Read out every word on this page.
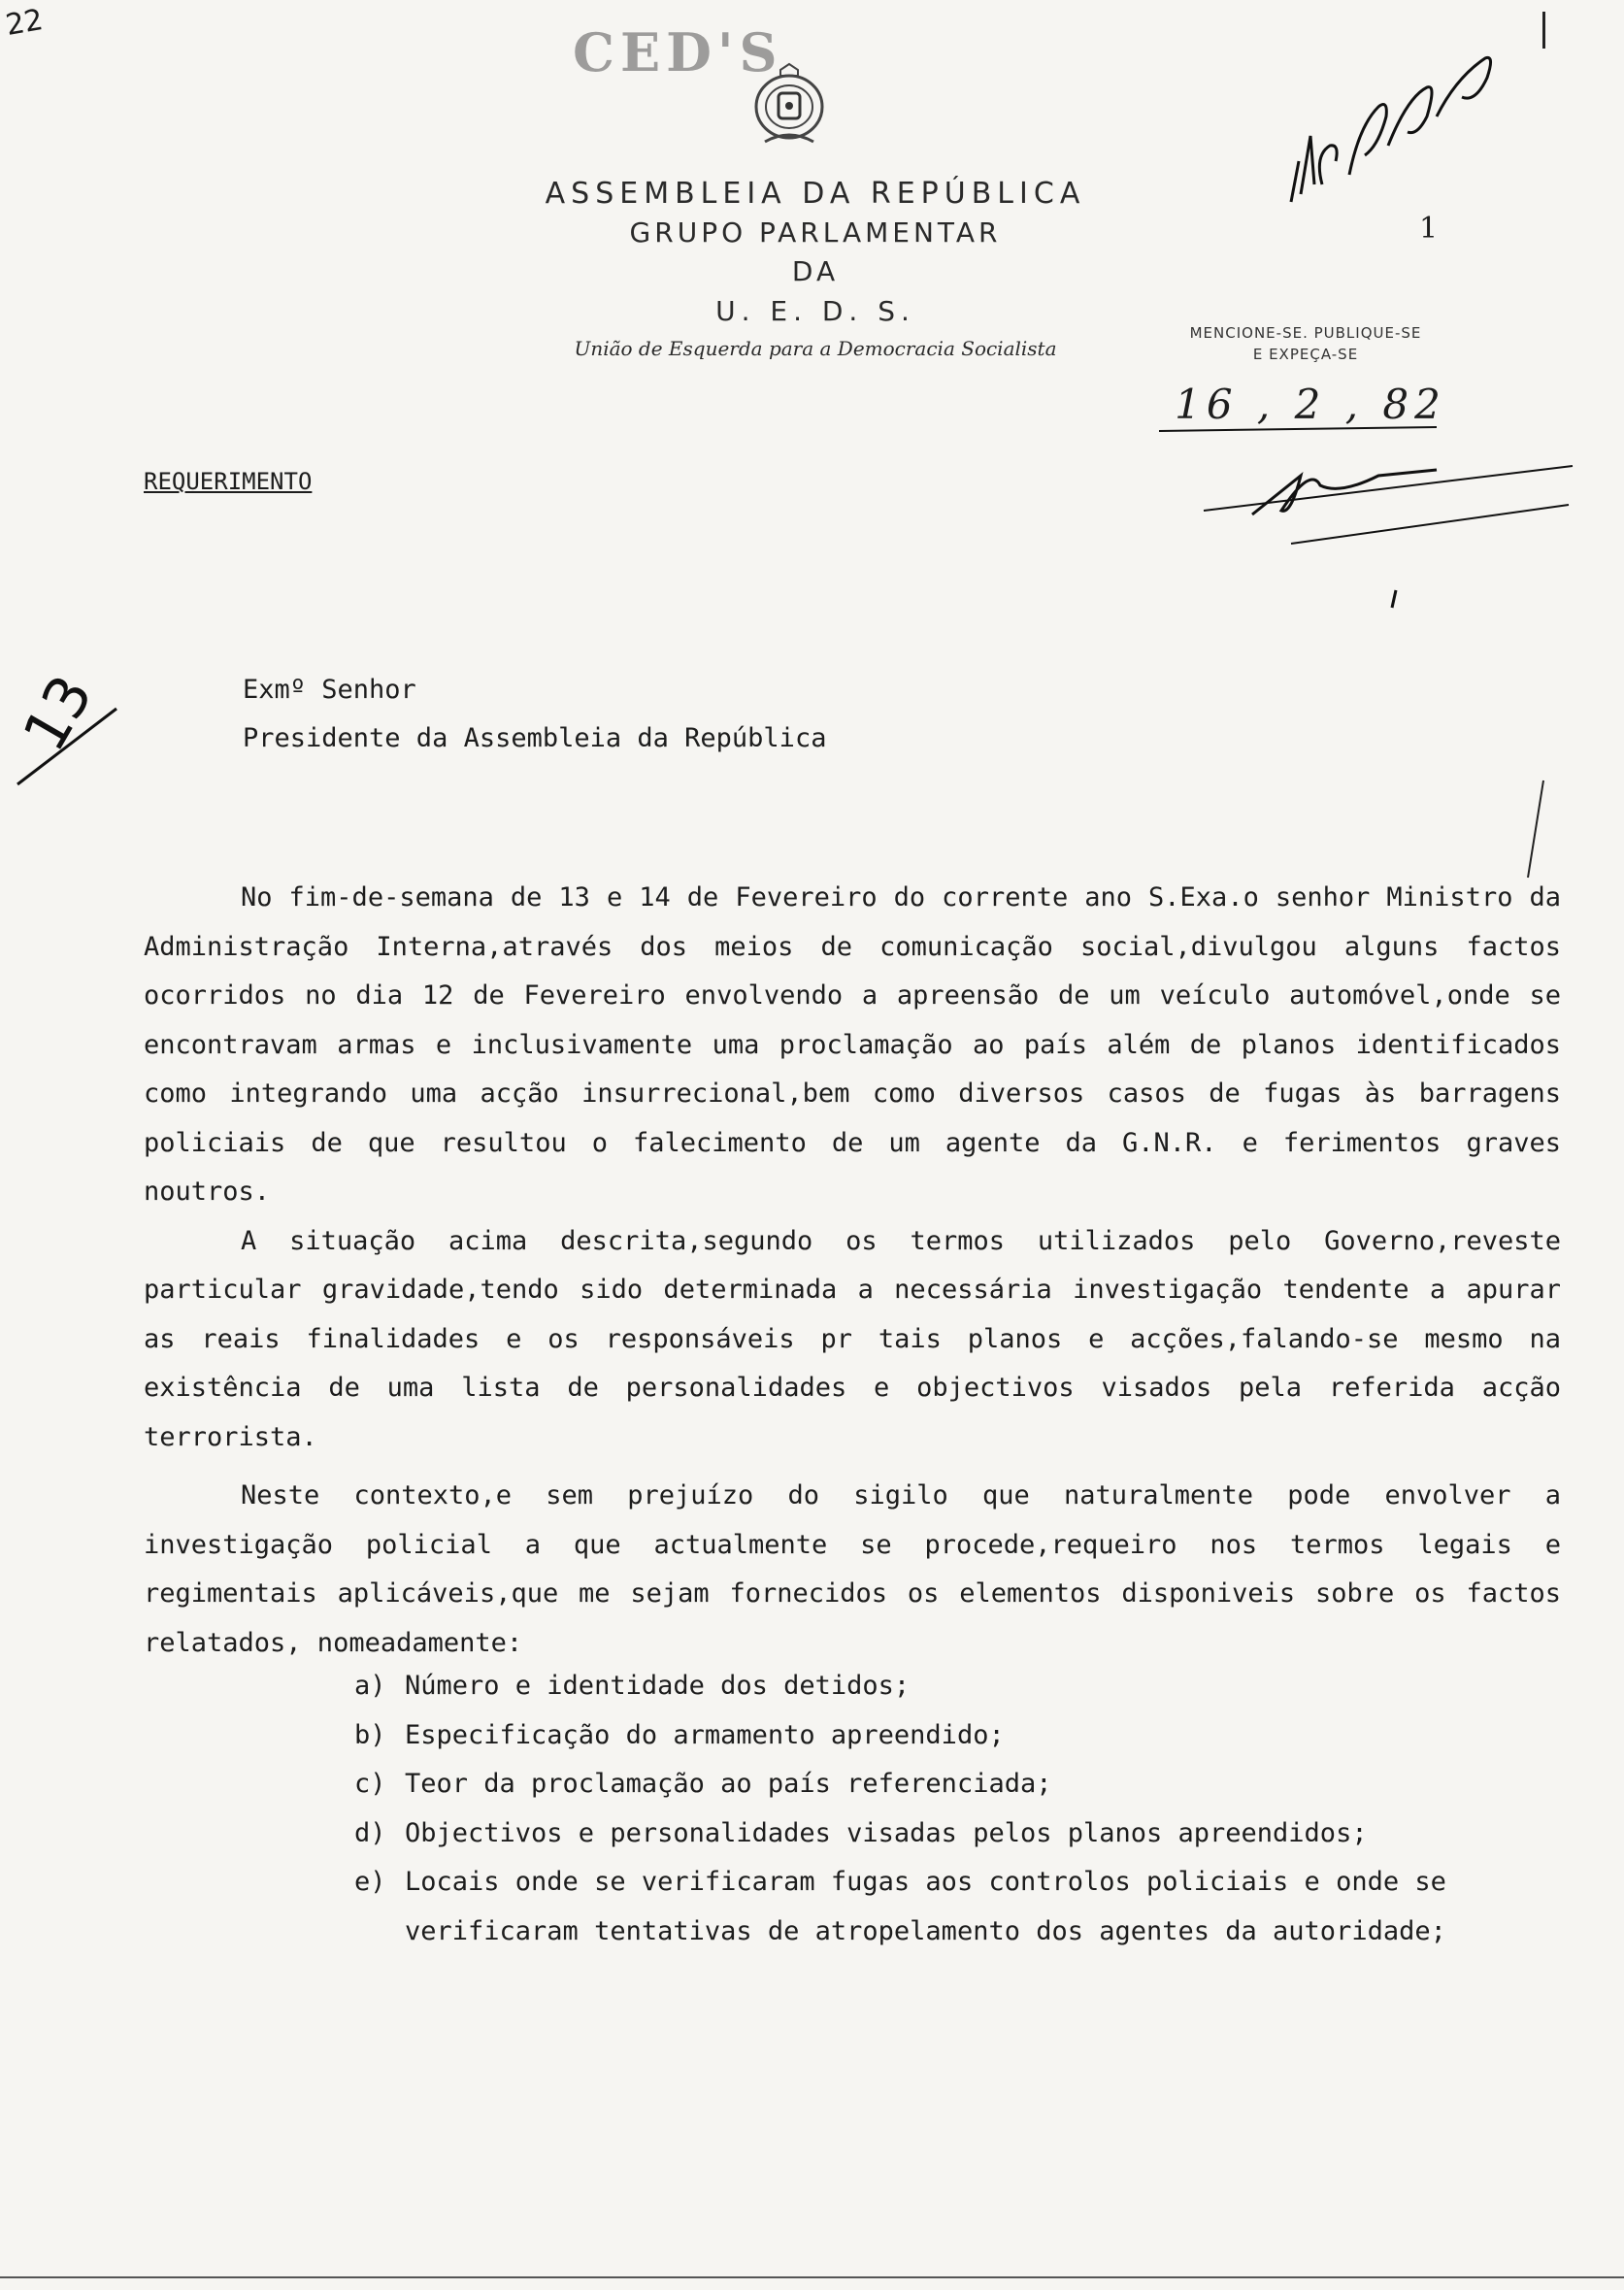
22	CED'S
ASSEMBLEIA DA REPÚBLICA
GRUPO PARLAMENTAR
DA
U. E. D. S.
União de Esquerda para a Democracia Socialista
1
MENCIONE-SE. PUBLIQUE-SE
E EXPEÇA-SE
16 , 2 , 82
13
REQUERIMENTO
Exmº Senhor
Presidente da Assembleia da República

No fim-de-semana de 13 e 14 de Fevereiro do corrente ano S.Exa.o senhor Ministro da Administração Interna,através dos meios de comunicação social,divulgou alguns factos ocorridos no dia 12 de Fevereiro envolvendo a apreensão de um veículo automóvel,onde se encontravam armas e inclusivamente uma proclamação ao país além de planos identificados como integrando uma acção insurrecional,bem como diversos casos de fugas às barragens policiais de que resultou o falecimento de um agente da G.N.R. e ferimentos graves noutros.

A situação acima descrita,segundo os termos utilizados pelo Governo,reveste particular gravidade,tendo sido determinada a necessária investigação tendente a apurar as reais finalidades e os responsáveis pr tais planos e acções,falando-se mesmo na existência de uma lista de personalidades e objectivos visados pela referida acção terrorista.

Neste contexto,e sem prejuízo do sigilo que naturalmente pode envolver a investigação policial a que actualmente se procede,requeiro nos termos legais e regimentais aplicáveis,que me sejam fornecidos os elementos disponiveis sobre os factos relatados, nomeadamente:

a) Número e identidade dos detidos;
b) Especificação do armamento apreendido;
c) Teor da proclamação ao país referenciada;
d) Objectivos e personalidades visadas pelos planos apreendidos;
e) Locais onde se verificaram fugas aos controlos policiais e onde se verificaram tentativas de atropelamento dos agentes da autoridade;
